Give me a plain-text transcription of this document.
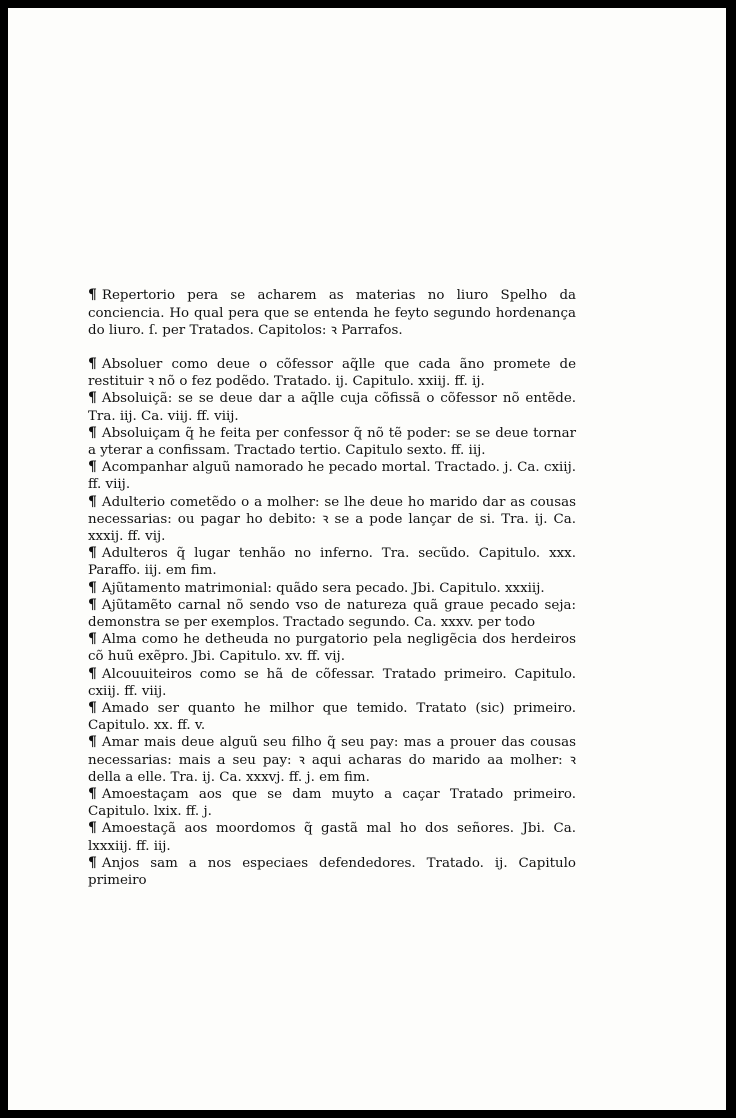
¶ Repertorio pera se acharem as materias no liuro Spelho da conciencia. Ho qual pera que se entenda he feyto segundo hordenança do liuro. ſ. per Tratados. Capitolos: ꝛ Parrafos.

¶ Absoluer como deue o cõfessor aq̃lle que cada ãno promete de restituir ꝛ nõ o fez podẽdo. Tratado. ij. Capitulo. xxiij. ff. ij.

¶ Absoluiçã: se se deue dar a aq̃lle cuja cõfissã o cõfessor nõ entẽde. Tra. iij. Ca. viij. ff. viij.

¶ Absoluiçam q̃ he feita per confessor q̃ nõ tẽ poder: se se deue tornar a yterar a confissam. Tractado tertio. Capitulo sexto. ff. iij.

¶ Acompanhar alguũ namorado he pecado mortal. Tractado. j. Ca. cxiij. ff. viij.

¶ Adulterio cometẽdo o a molher: se lhe deue ho marido dar as cousas necessarias: ou pagar ho debito: ꝛ se a pode lançar de si. Tra. ij. Ca. xxxij. ff. vij.

¶ Adulteros q̃ lugar tenhão no inferno. Tra. secũdo. Capitulo. xxx. Paraffo. iij. em fim.

¶ Ajũtamento matrimonial: quãdo sera pecado. Jbi. Capitulo. xxxiij.

¶ Ajũtamẽto carnal nõ sendo vso de natureza quã graue pecado seja: demonstra se per exemplos. Tractado segundo. Ca. xxxv. per todo

¶ Alma como he detheuda no purgatorio pela negligẽcia dos herdeiros cõ huũ exẽpro. Jbi. Capitulo. xv. ff. vij.

¶ Alcouuiteiros como se hã de cõfessar. Tratado primeiro. Capitulo. cxiij. ff. viij.

¶ Amado ser quanto he milhor que temido. Tratato (sic) primeiro. Capitulo. xx. ff. v.

¶ Amar mais deue alguũ seu filho q̃ seu pay: mas a prouer das cousas necessarias: mais a seu pay: ꝛ aqui acharas do marido aa molher: ꝛ della a elle. Tra. ij. Ca. xxxvj. ff. j. em fim.

¶ Amoestaçam aos que se dam muyto a caçar Tratado primeiro. Capitulo. lxix. ff. j.

¶ Amoestaçã aos moordomos q̃ gastã mal ho dos señores. Jbi. Ca. lxxxiij. ff. iij.

¶ Anjos sam a nos especiaes defendedores. Tratado. ij. Capitulo primeiro
